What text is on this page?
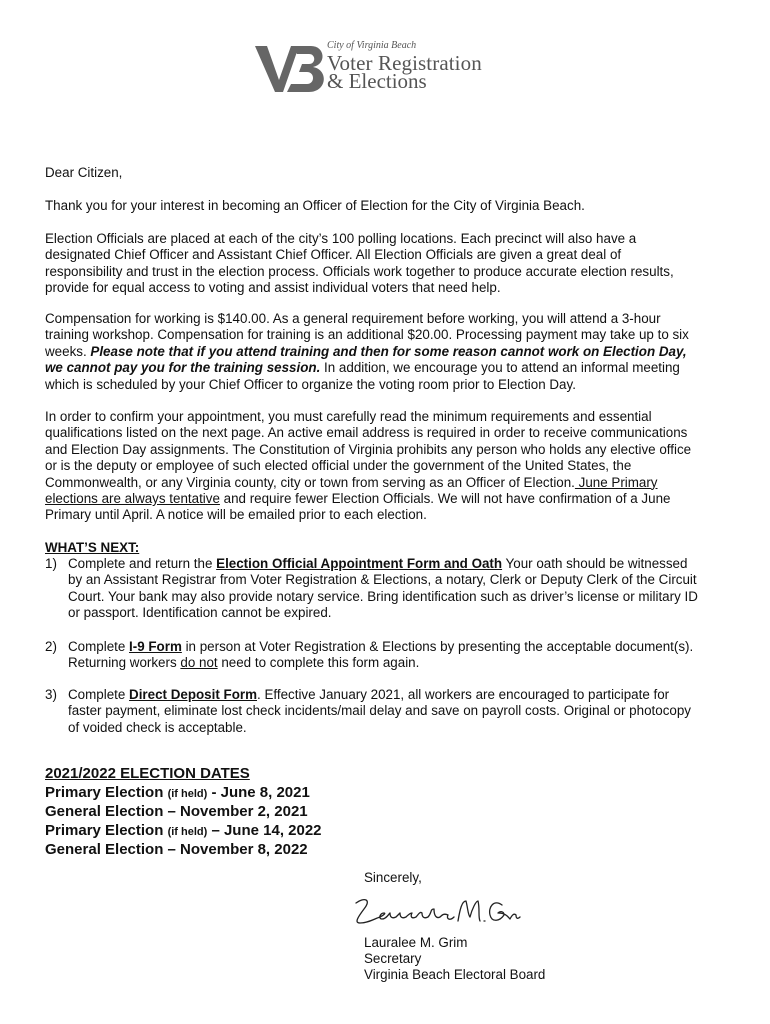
City of Virginia Beach
Voter Registration
& Elections

Dear Citizen,

Thank you for your interest in becoming an Officer of Election for the City of Virginia Beach.

Election Officials are placed at each of the city’s 100 polling locations. Each precinct will also have a

designated Chief Officer and Assistant Chief Officer. All Election Officials are given a great deal of

responsibility and trust in the election process. Officials work together to produce accurate election results,

provide for equal access to voting and assist individual voters that need help.

Compensation for working is $140.00. As a general requirement before working, you will attend a 3-hour

training workshop. Compensation for training is an additional $20.00. Processing payment may take up to six

weeks. Please note that if you attend training and then for some reason cannot work on Election Day,

we cannot pay you for the training session. In addition, we encourage you to attend an informal meeting

which is scheduled by your Chief Officer to organize the voting room prior to Election Day.

In order to confirm your appointment, you must carefully read the minimum requirements and essential

qualifications listed on the next page. An active email address is required in order to receive communications

and Election Day assignments. The Constitution of Virginia prohibits any person who holds any elective office

or is the deputy or employee of such elected official under the government of the United States, the

Commonwealth, or any Virginia county, city or town from serving as an Officer of Election. June Primary

elections are always tentative and require fewer Election Officials. We will not have confirmation of a June

Primary until April. A notice will be emailed prior to each election.

WHAT’S NEXT:

1) Complete and return the Election Official Appointment Form and Oath Your oath should be witnessed

by an Assistant Registrar from Voter Registration & Elections, a notary, Clerk or Deputy Clerk of the Circuit

Court. Your bank may also provide notary service. Bring identification such as driver’s license or military ID

or passport. Identification cannot be expired.

2) Complete I-9 Form in person at Voter Registration & Elections by presenting the acceptable document(s).

Returning workers do not need to complete this form again.

3) Complete Direct Deposit Form. Effective January 2021, all workers are encouraged to participate for

faster payment, eliminate lost check incidents/mail delay and save on payroll costs. Original or photocopy

of voided check is acceptable.

2021/2022 ELECTION DATES
Primary Election (if held) - June 8, 2021
General Election – November 2, 2021
Primary Election (if held) – June 14, 2022
General Election – November 8, 2022
Sincerely,
Lauralee M. Grim
Secretary
Virginia Beach Electoral Board
